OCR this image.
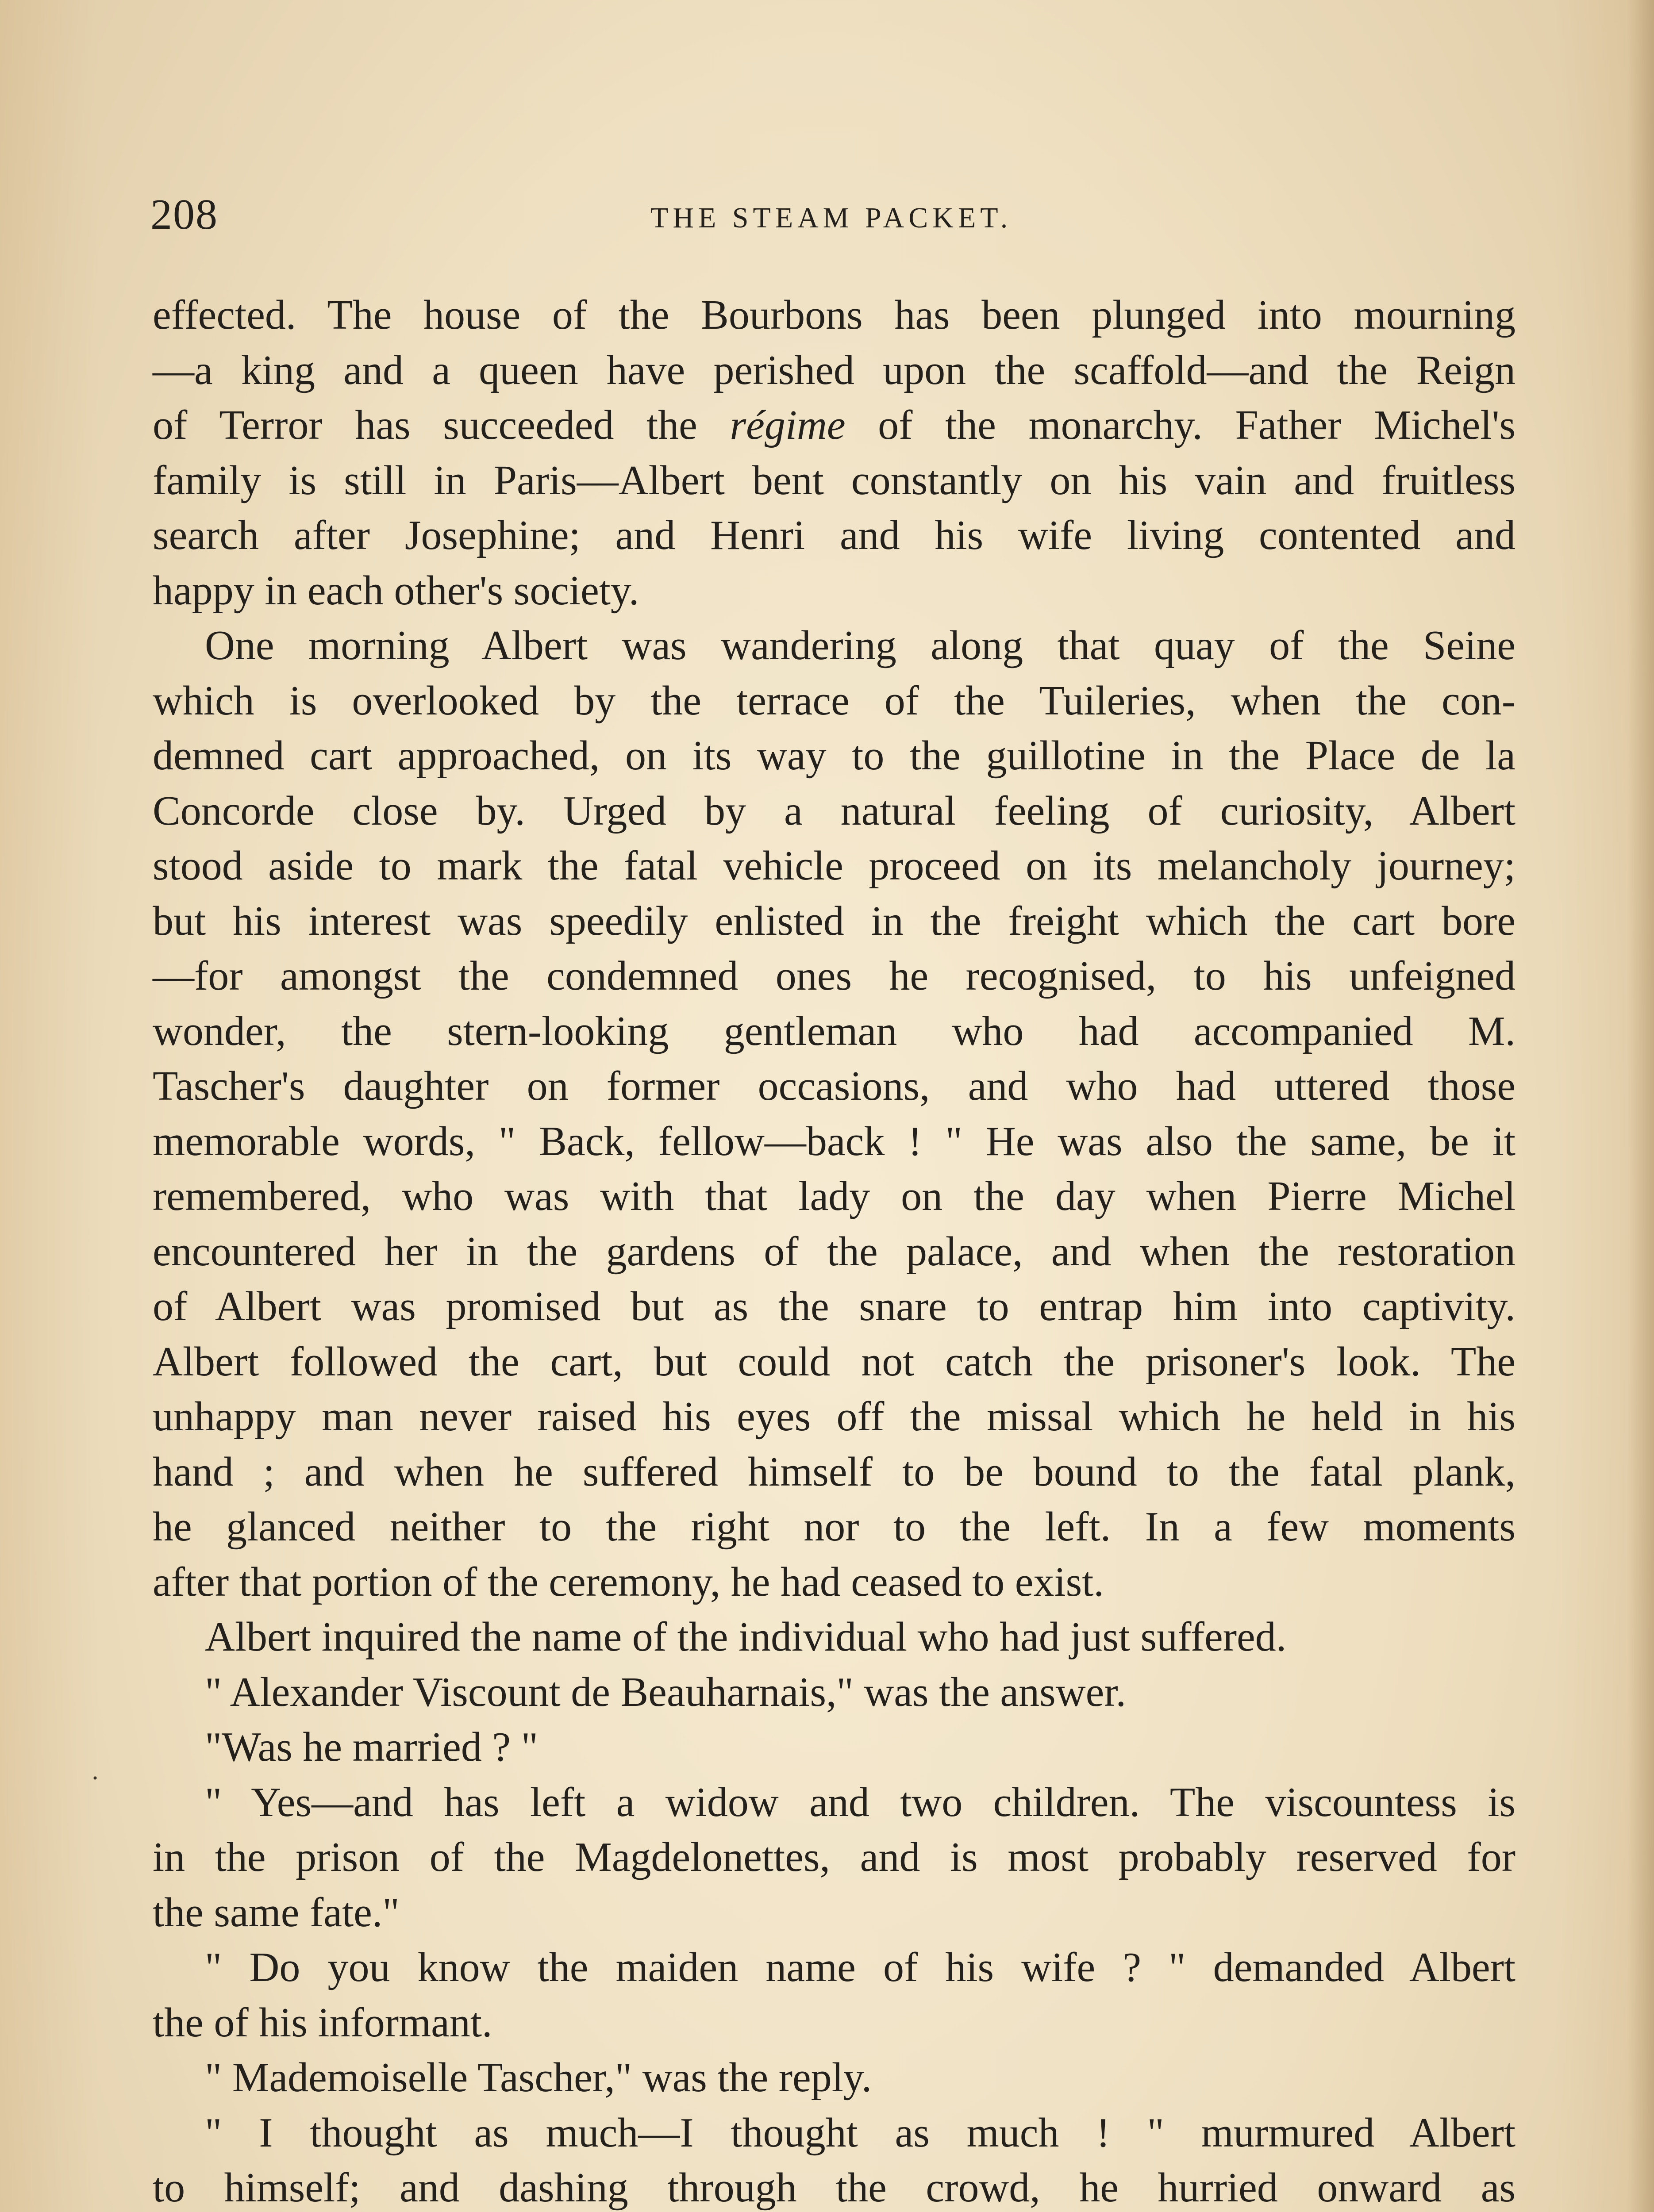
208	THE STEAM PACKET.
effected. The house of the Bourbons has been plunged into mourning
—a king and a queen have perished upon the scaffold—and the Reign
of Terror has succeeded the régime of the monarchy. Father Michel's
family is still in Paris—Albert bent constantly on his vain and fruitless
search after Josephine; and Henri and his wife living contented and
happy in each other's society.
One morning Albert was wandering along that quay of the Seine
which is overlooked by the terrace of the Tuileries, when the con-
demned cart approached, on its way to the guillotine in the Place de la
Concorde close by. Urged by a natural feeling of curiosity, Albert
stood aside to mark the fatal vehicle proceed on its melancholy journey;
but his interest was speedily enlisted in the freight which the cart bore
—for amongst the condemned ones he recognised, to his unfeigned
wonder, the stern-looking gentleman who had accompanied M.
Tascher's daughter on former occasions, and who had uttered those
memorable words, " Back, fellow—back ! " He was also the same, be it
remembered, who was with that lady on the day when Pierre Michel
encountered her in the gardens of the palace, and when the restoration
of Albert was promised but as the snare to entrap him into captivity.
Albert followed the cart, but could not catch the prisoner's look. The
unhappy man never raised his eyes off the missal which he held in his
hand ; and when he suffered himself to be bound to the fatal plank,
he glanced neither to the right nor to the left. In a few moments
after that portion of the ceremony, he had ceased to exist.
Albert inquired the name of the individual who had just suffered.
" Alexander Viscount de Beauharnais," was the answer.
"Was he married ? "
" Yes—and has left a widow and two children. The viscountess is
in the prison of the Magdelonettes, and is most probably reserved for
the same fate."
" Do you know the maiden name of his wife ? " demanded Albert
the of his informant.
" Mademoiselle Tascher," was the reply.
" I thought as much—I thought as much ! " murmured Albert
to himself; and dashing through the crowd, he hurried onward as
·
